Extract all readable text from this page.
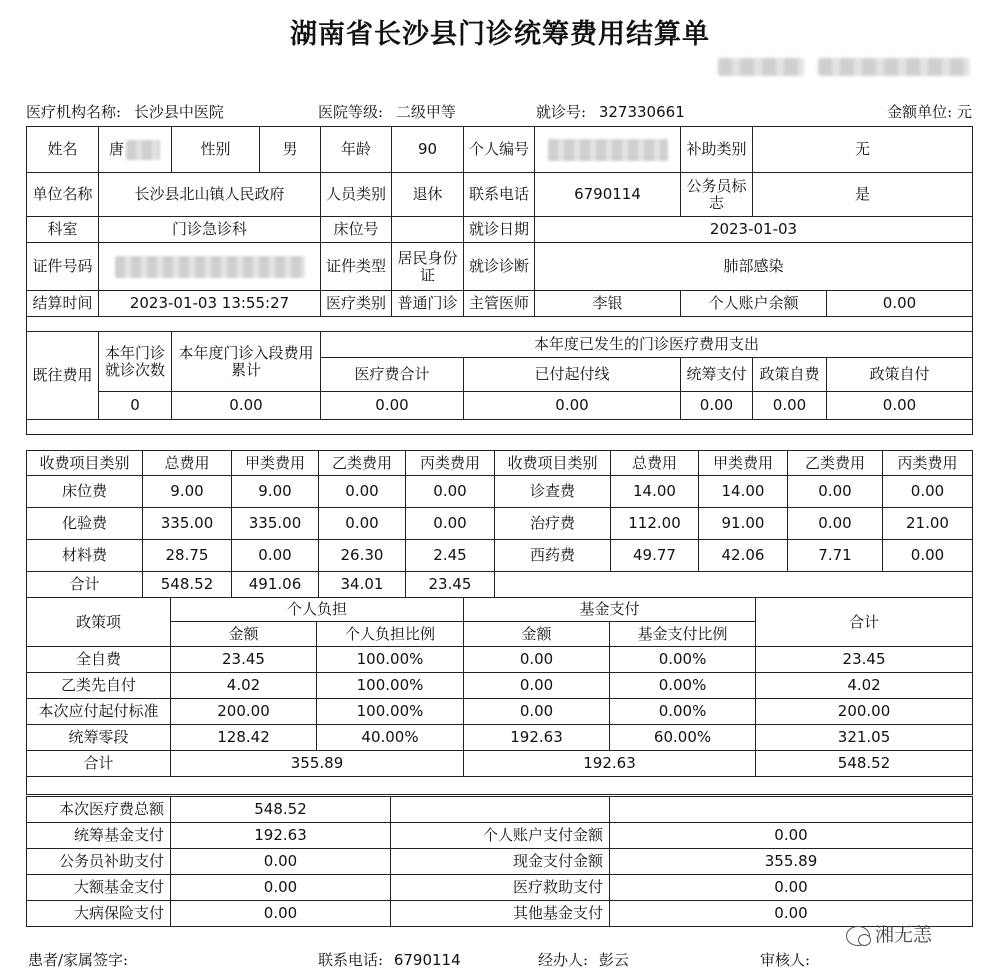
湖南省长沙县门诊统筹费用结算单
医疗机构名称: 长沙县中医院	医院等级: 二级甲等	就诊号: 327330661	金额单位: 元
姓名	唐	性别	男	年龄	90	个人编号		补助类别	无	
单位名称	长沙县北山镇人民政府			人员类别	退休	联系电话	6790114	公务员标志	是	
科室	门诊急诊科			床位号		就诊日期	2023-01-03			
证件号码				证件类型	居民身份证	就诊诊断	肺部感染			
结算时间	2023-01-03 13:55:27			医疗类别	普通门诊	主管医师	李银	个人账户余额		0.00

既往费用	本年门诊就诊次数	本年度门诊入段费用累计		本年度已发生的门诊医疗费用支出						
				医疗费合计		已付起付线		统筹支付	政策自费	政策自付
	0	0.00		0.00		0.00		0.00	0.00	0.00

收费项目类别	总费用	甲类费用	乙类费用	丙类费用	收费项目类别	总费用	甲类费用	乙类费用	丙类费用
床位费	9.00	9.00	0.00	0.00	诊查费	14.00	14.00	0.00	0.00
化验费	335.00	335.00	0.00	0.00	治疗费	112.00	91.00	0.00	21.00
材料费	28.75	0.00	26.30	2.45	西药费	49.77	42.06	7.71	0.00
合计	548.52	491.06	34.01	23.45					
政策项	个人负担		基金支付		合计
	金额	个人负担比例	金额	基金支付比例	
全自费	23.45	100.00%	0.00	0.00%	23.45
乙类先自付	4.02	100.00%	0.00	0.00%	4.02
本次应付起付标准	200.00	100.00%	0.00	0.00%	200.00
统筹零段	128.42	40.00%	192.63	60.00%	321.05
合计	355.89		192.63		548.52

本次医疗费总额	548.52		
统筹基金支付	192.63	个人账户支付金额	0.00
公务员补助支付	0.00	现金支付金额	355.89
大额基金支付	0.00	医疗救助支付	0.00
大病保险支付	0.00	其他基金支付	0.00
湘无恙
患者/家属签字:	联系电话: 6790114	经办人: 彭云	审核人:
